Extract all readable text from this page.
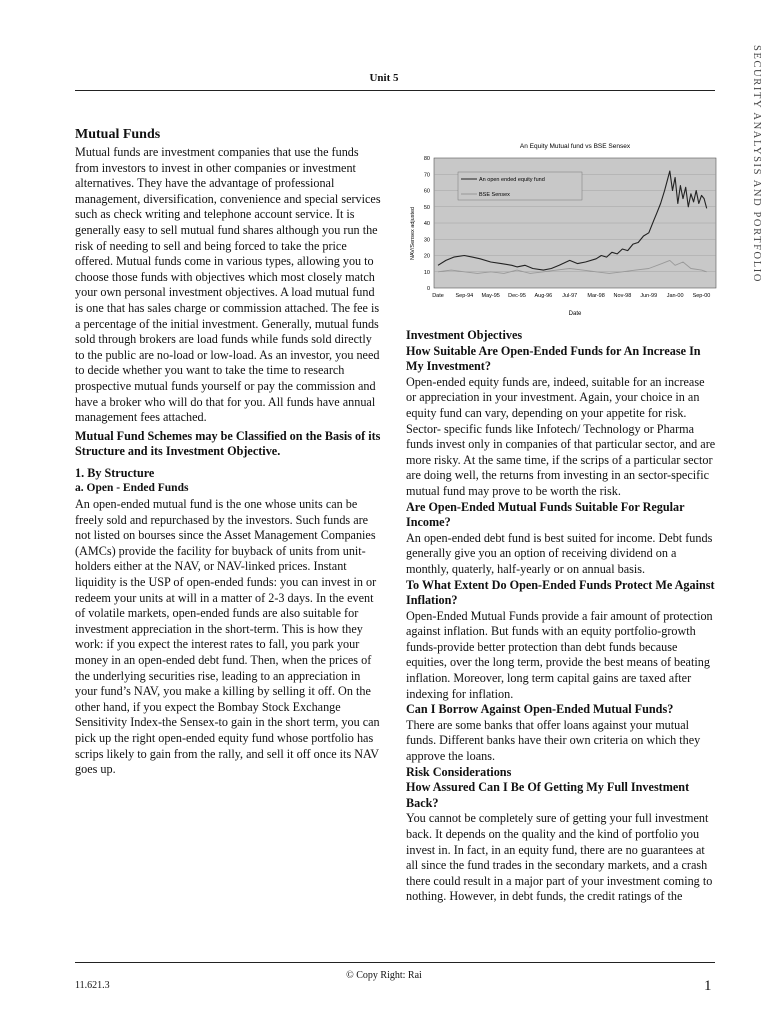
Unit 5	SECURITY ANALYSIS AND PORTFOLIO
Mutual Funds

Mutual funds are investment companies that use the funds from investors to invest in other companies or investment alternatives. They have the advantage of professional management, diversification, convenience and special services such as check writing and telephone account service. It is generally easy to sell mutual fund shares although you run the risk of needing to sell and being forced to take the price offered. Mutual funds come in various types, allowing you to choose those funds with objectives which most closely match your own personal investment objectives. A load mutual fund is one that has sales charge or commission attached. The fee is a percentage of the initial investment. Generally, mutual funds sold through brokers are load funds while funds sold directly to the public are no-load or low-load. As an investor, you need to decide whether you want to take the time to research prospective mutual funds yourself or pay the commission and have a broker who will do that for you. All funds have annual management fees attached.

Mutual Fund Schemes may be Classified on the Basis of its Structure and its Investment Objective.

1. By Structure

a. Open - Ended Funds

An open-ended mutual fund is the one whose units can be freely sold and repurchased by the investors. Such funds are not listed on bourses since the Asset Management Companies (AMCs) provide the facility for buyback of units from unit-holders either at the NAV, or NAV-linked prices. Instant liquidity is the USP of open-ended funds: you can invest in or redeem your units at will in a matter of 2-3 days. In the event of volatile markets, open-ended funds are also suitable for investment appreciation in the short-term. This is how they work: if you expect the interest rates to fall, you park your money in an open-ended debt fund. Then, when the prices of the underlying securities rise, leading to an appreciation in your fund’s NAV, you make a killing by selling it off. On the other hand, if you expect the Bombay Stock Exchange Sensitivity Index-the Sensex-to gain in the short term, you can pick up the right open-ended equity fund whose portfolio has scrips likely to gain from the rally, and sell it off once its NAV goes up.

An Equity Mutual fund vs BSE Sensex
Date
NAV/Sensex adjusted
0
10
20
30
40
50
60
70
80
Date Sep-94 May-95 Dec-95 Aug-96 Jul-97 Mar-98 Nov-98 Jun-99 Jan-00 Sep-00
An open ended equity fund
BSE Sensex

Investment Objectives

How Suitable Are Open-Ended Funds for An Increase In My Investment?

Open-ended equity funds are, indeed, suitable for an increase or appreciation in your investment. Again, your choice in an equity fund can vary, depending on your appetite for risk. Sector- specific funds like Infotech/ Technology or Pharma funds invest only in companies of that particular sector, and are more risky. At the same time, if the scrips of a particular sector are doing well, the returns from investing in an sector-specific mutual fund may prove to be worth the risk.

Are Open-Ended Mutual Funds Suitable For Regular Income?

An open-ended debt fund is best suited for income. Debt funds generally give you an option of receiving dividend on a monthly, quaterly, half-yearly or on annual basis.

To What Extent Do Open-Ended Funds Protect Me Against Inflation?

Open-Ended Mutual Funds provide a fair amount of protection against inflation. But funds with an equity portfolio-growth funds-provide better protection than debt funds because equities, over the long term, provide the best means of beating inflation. Moreover, long term capital gains are taxed after indexing for inflation.

Can I Borrow Against Open-Ended Mutual Funds?

There are some banks that offer loans against your mutual funds. Different banks have their own criteria on which they approve the loans.

Risk Considerations

How Assured Can I Be Of Getting My Full Investment Back?

You cannot be completely sure of getting your full investment back. It depends on the quality and the kind of portfolio you invest in. In fact, in an equity fund, there are no guarantees at all since the fund trades in the secondary markets, and a crash there could result in a major part of your investment coming to nothing. However, in debt funds, the credit ratings of the

© Copy Right: Rai
11.621.3	1
